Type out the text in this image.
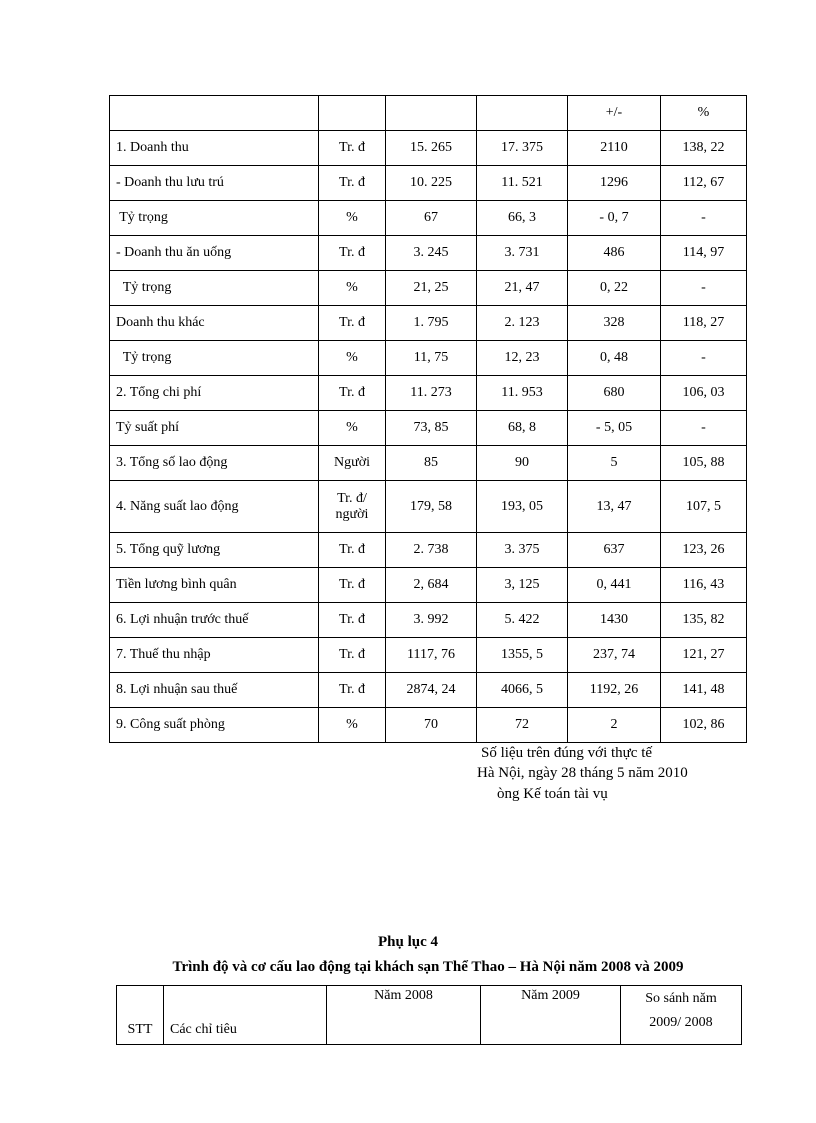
				+/-	%
1. Doanh thu	Tr. đ	15. 265	17. 375	2110	138, 22
- Doanh thu lưu trú	Tr. đ	10. 225	11. 521	1296	112, 67
Tỷ trọng	%	67	66, 3	- 0, 7	-
- Doanh thu ăn uống	Tr. đ	3. 245	3. 731	486	114, 97
Tỷ trọng	%	21, 25	21, 47	0, 22	-
Doanh thu khác	Tr. đ	1. 795	2. 123	328	118, 27
Tỷ trọng	%	11, 75	12, 23	0, 48	-
2. Tổng chi phí	Tr. đ	11. 273	11. 953	680	106, 03
Tỷ suất phí	%	73, 85	68, 8	- 5, 05	-
3. Tổng số lao động	Người	85	90	5	105, 88
4. Năng suất lao động	Tr. đ/ người	179, 58	193, 05	13, 47	107, 5
5. Tổng quỹ lương	Tr. đ	2. 738	3. 375	637	123, 26
Tiền lương bình quân	Tr. đ	2, 684	3, 125	0, 441	116, 43
6. Lợi nhuận trước thuế	Tr. đ	3. 992	5. 422	1430	135, 82
7. Thuế thu nhập	Tr. đ	1117, 76	1355, 5	237, 74	121, 27
8. Lợi nhuận sau thuế	Tr. đ	2874, 24	4066, 5	1192, 26	141, 48
9. Công suất phòng	%	70	72	2	102, 86
Số liệu trên đúng với thực tế
Hà Nội, ngày 28 tháng 5 năm 2010
òng Kế toán tài vụ
Phụ lục 4
Trình độ và cơ cấu lao động tại khách sạn Thể Thao – Hà Nội năm 2008 và 2009
STT	Các chỉ tiêu	Năm 2008	Năm 2009	So sánh năm
2009/ 2008
